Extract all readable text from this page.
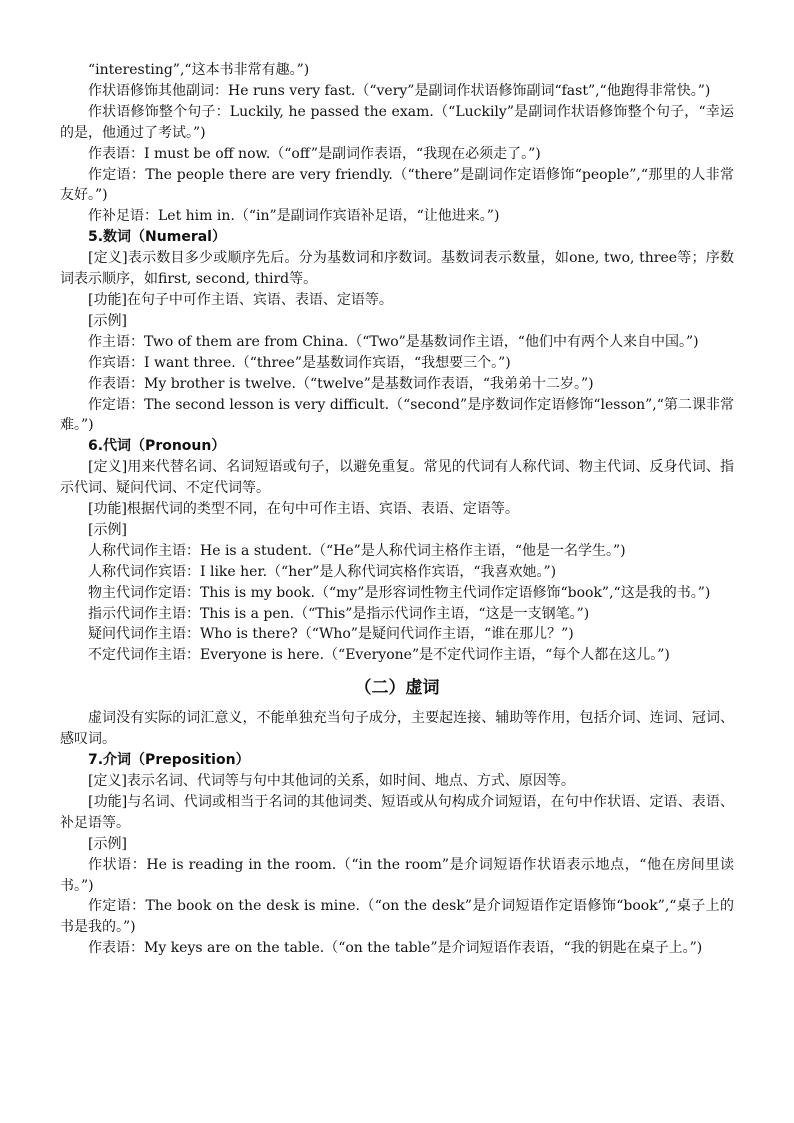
“interesting”,“这本书非常有趣。”)

作状语修饰其他副词：He runs very fast.（“very”是副词作状语修饰副词“fast”,“他跑得非常快。”)

作状语修饰整个句子：Luckily, he passed the exam.（“Luckily”是副词作状语修饰整个句子，“幸运的是，他通过了考试。”)

作表语：I must be off now.（“off”是副词作表语，“我现在必须走了。”)

作定语：The people there are very friendly.（“there”是副词作定语修饰“people”,“那里的人非常友好。”)

作补足语：Let him in.（“in”是副词作宾语补足语，“让他进来。”)

5.数词（Numeral）

[定义]表示数目多少或顺序先后。分为基数词和序数词。基数词表示数量，如one, two, three等；序数词表示顺序，如first, second, third等。

[功能]在句子中可作主语、宾语、表语、定语等。

[示例]

作主语：Two of them are from China.（“Two”是基数词作主语，“他们中有两个人来自中国。”)

作宾语：I want three.（“three”是基数词作宾语，“我想要三个。”)

作表语：My brother is twelve.（“twelve”是基数词作表语，“我弟弟十二岁。”)

作定语：The second lesson is very difficult.（“second”是序数词作定语修饰“lesson”,“第二课非常难。”)

6.代词（Pronoun）

[定义]用来代替名词、名词短语或句子，以避免重复。常见的代词有人称代词、物主代词、反身代词、指示代词、疑问代词、不定代词等。

[功能]根据代词的类型不同，在句中可作主语、宾语、表语、定语等。

[示例]

人称代词作主语：He is a student.（“He”是人称代词主格作主语，“他是一名学生。”)

人称代词作宾语：I like her.（“her”是人称代词宾格作宾语，“我喜欢她。”)

物主代词作定语：This is my book.（“my”是形容词性物主代词作定语修饰“book”,“这是我的书。”)

指示代词作主语：This is a pen.（“This”是指示代词作主语，“这是一支钢笔。”)

疑问代词作主语：Who is there?（“Who”是疑问代词作主语，“谁在那儿？”)

不定代词作主语：Everyone is here.（“Everyone”是不定代词作主语，“每个人都在这儿。”)

（二）虚词

虚词没有实际的词汇意义，不能单独充当句子成分，主要起连接、辅助等作用，包括介词、连词、冠词、感叹词。

7.介词（Preposition）

[定义]表示名词、代词等与句中其他词的关系，如时间、地点、方式、原因等。

[功能]与名词、代词或相当于名词的其他词类、短语或从句构成介词短语，在句中作状语、定语、表语、补足语等。

[示例]

作状语：He is reading in the room.（“in the room”是介词短语作状语表示地点，“他在房间里读书。”)

作定语：The book on the desk is mine.（“on the desk”是介词短语作定语修饰“book”,“桌子上的书是我的。”)

作表语：My keys are on the table.（“on the table”是介词短语作表语，“我的钥匙在桌子上。”)
